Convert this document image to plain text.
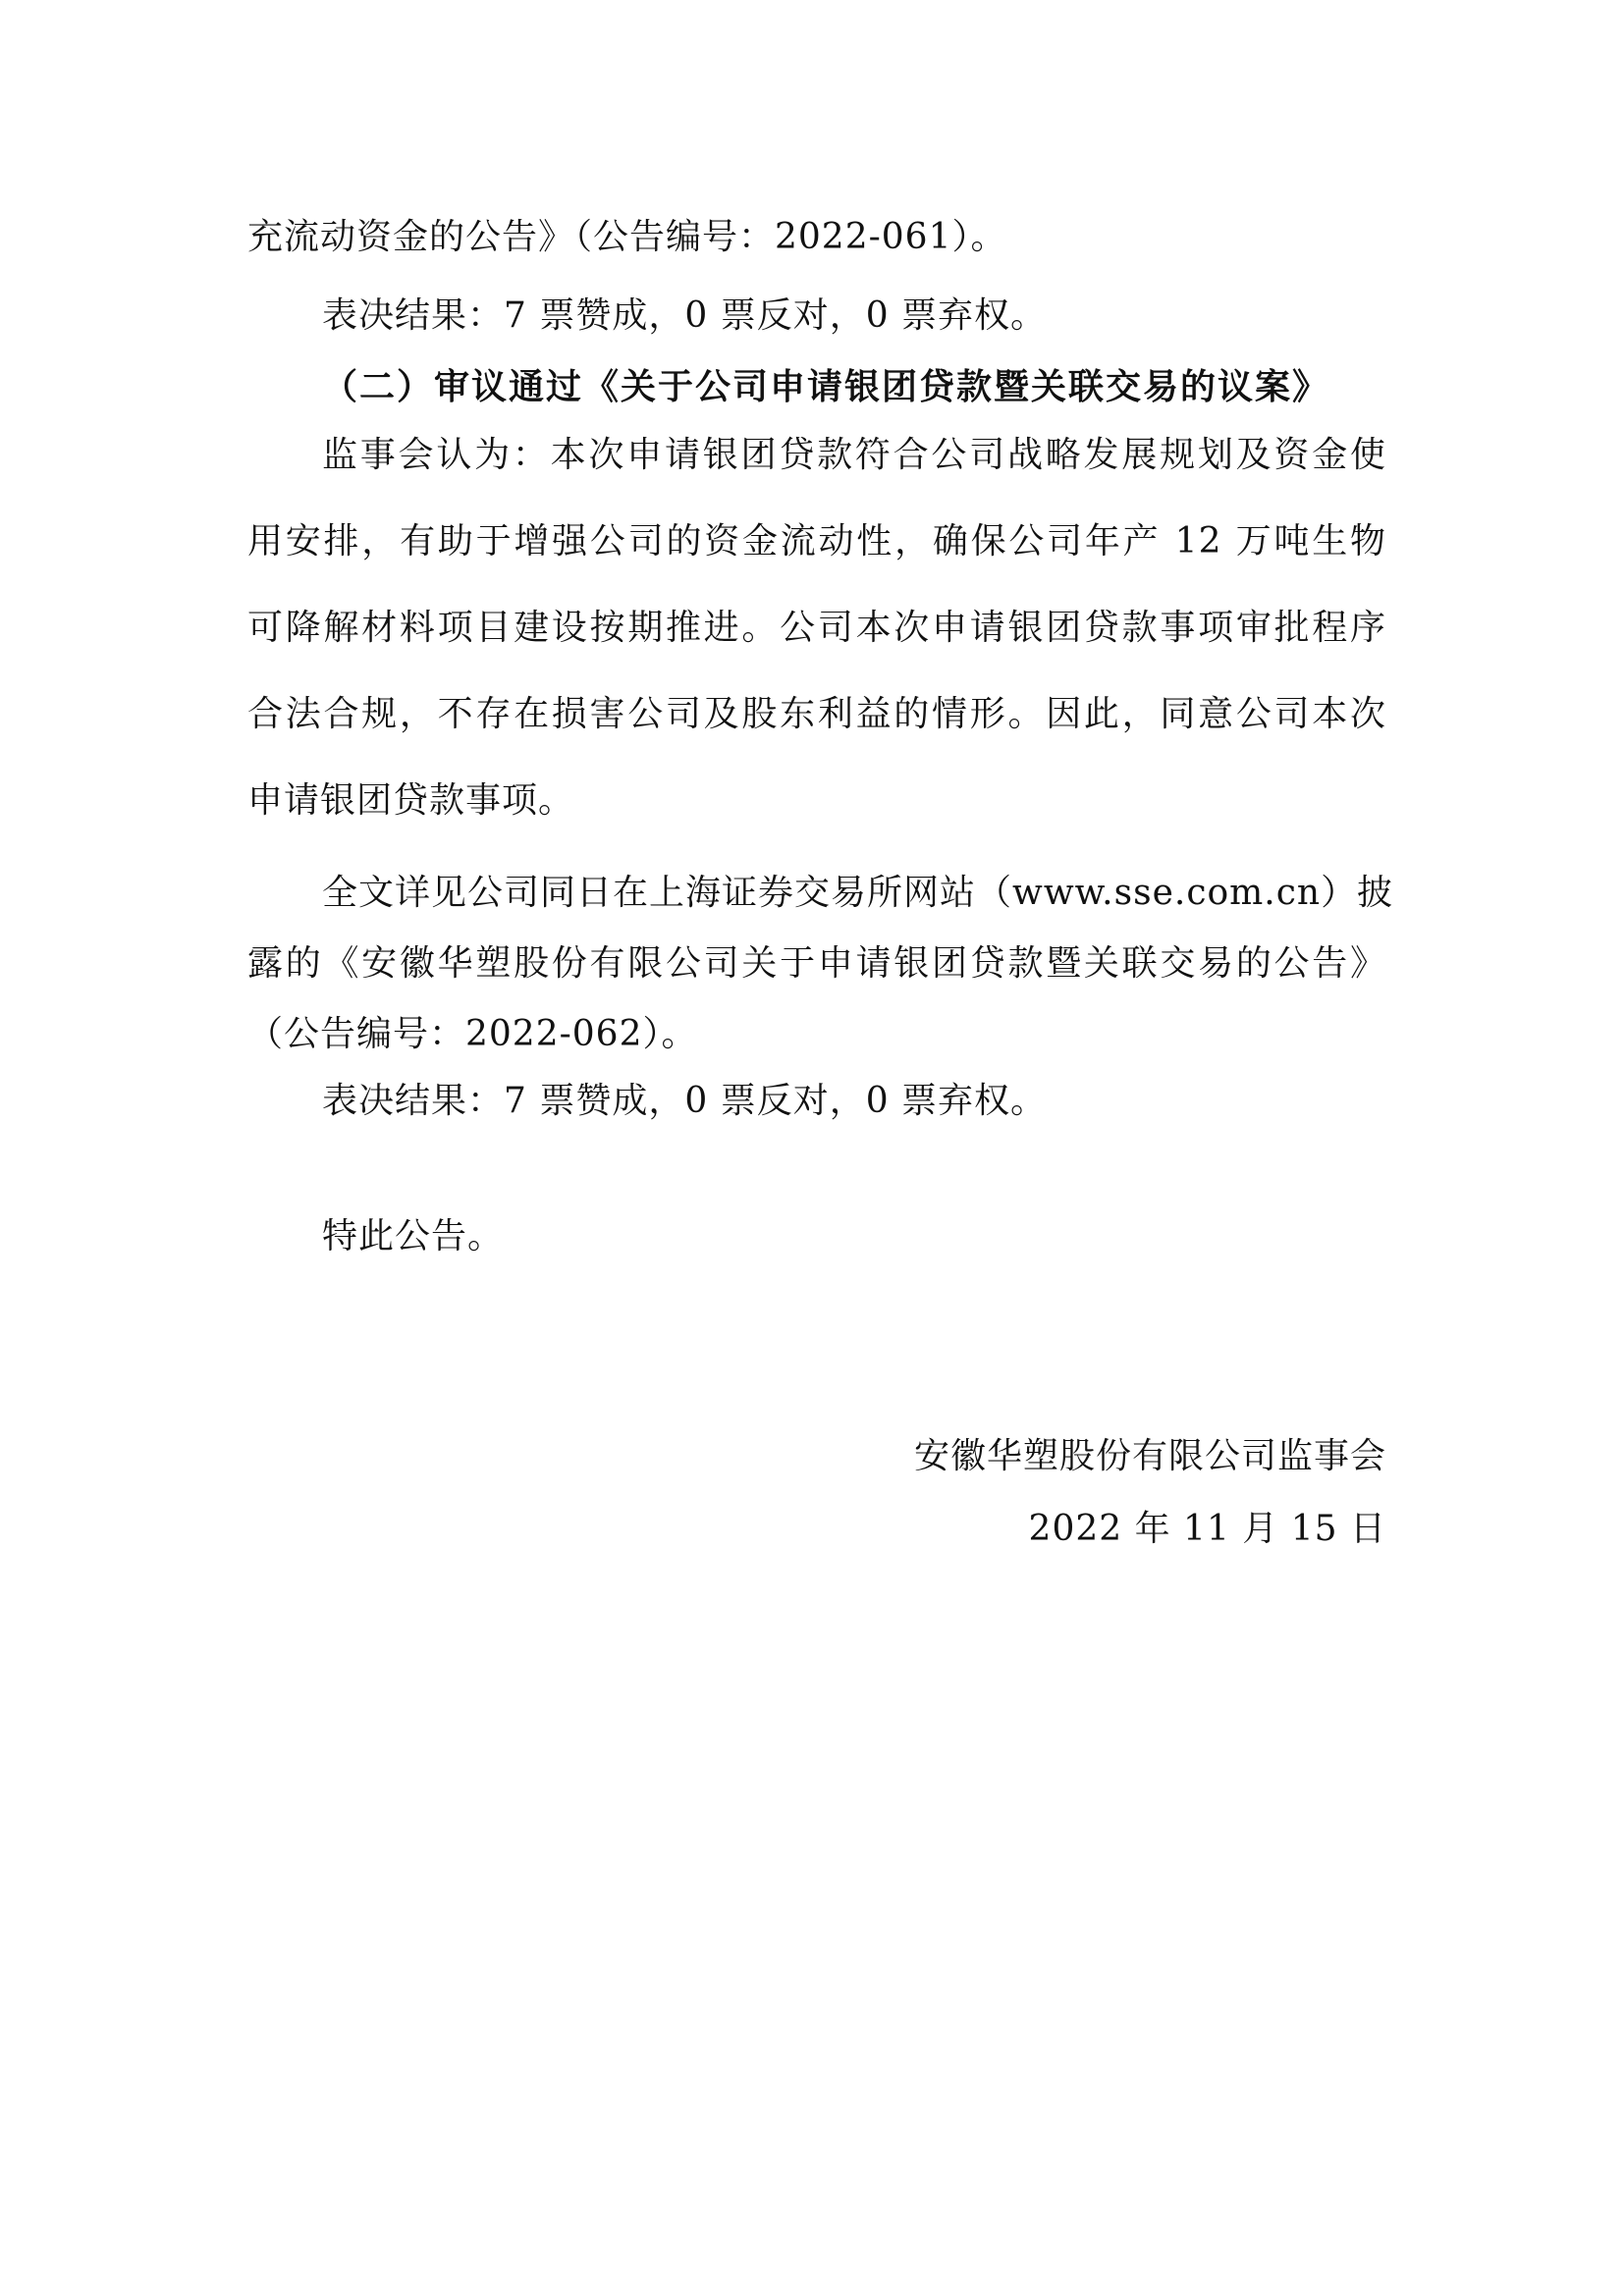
充流动资金的公告》（公告编号：2022-061）。
表决结果：7 票赞成，0 票反对，0 票弃权。
（二）审议通过《关于公司申请银团贷款暨关联交易的议案》
监事会认为：本次申请银团贷款符合公司战略发展规划及资金使
用安排，有助于增强公司的资金流动性，确保公司年产 12 万吨生物
可降解材料项目建设按期推进。公司本次申请银团贷款事项审批程序
合法合规，不存在损害公司及股东利益的情形。因此，同意公司本次
申请银团贷款事项。
全文详见公司同日在上海证券交易所网站（www.sse.com.cn）披
露的《安徽华塑股份有限公司关于申请银团贷款暨关联交易的公告》
（公告编号：2022-062）。
表决结果：7 票赞成，0 票反对，0 票弃权。
特此公告。
安徽华塑股份有限公司监事会
2022 年 11 月 15 日
